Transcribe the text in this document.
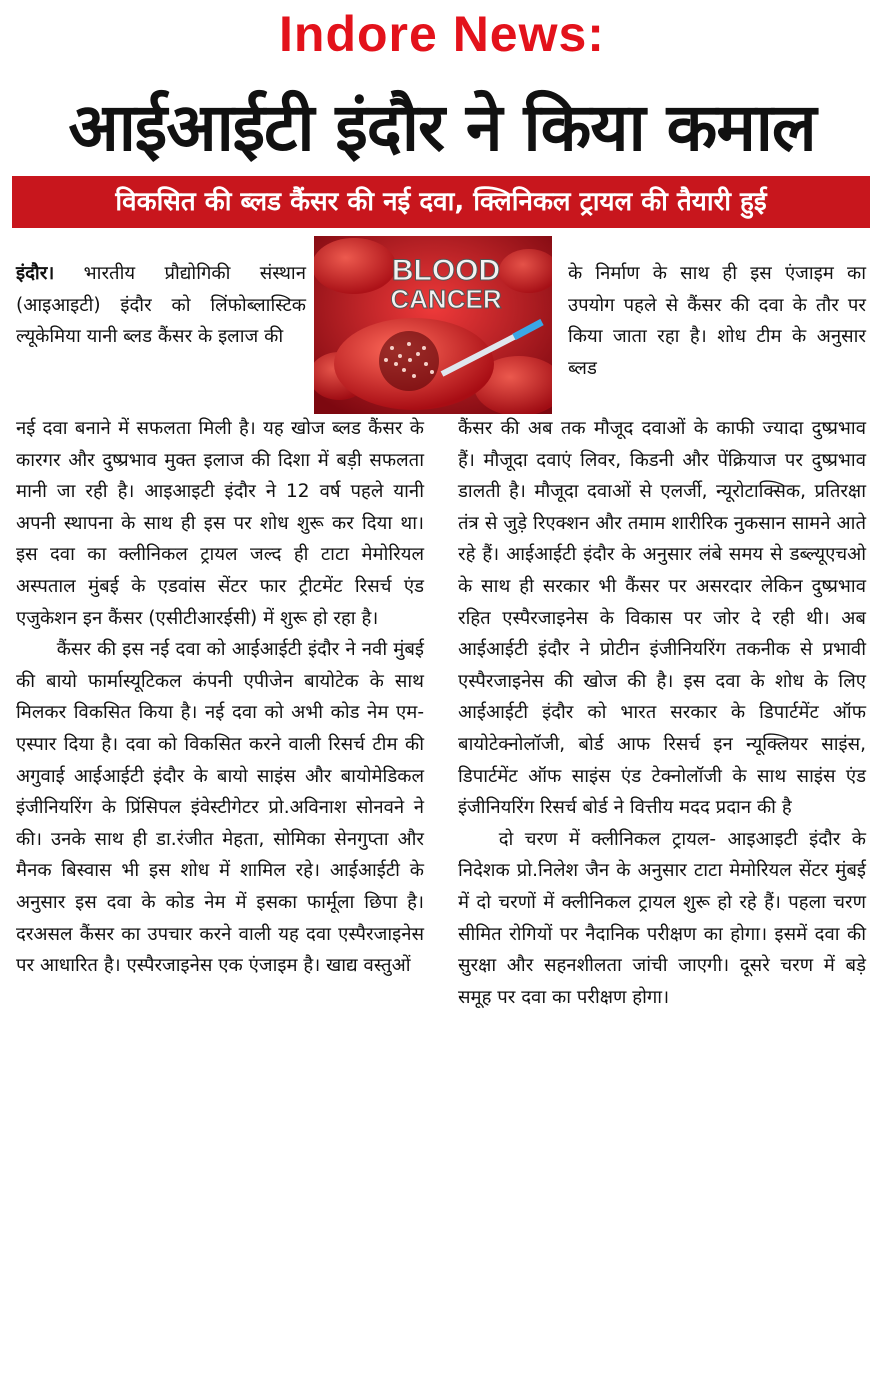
Indore News:
आईआईटी इंदौर ने किया कमाल
विकसित की ब्लड कैंसर की नई दवा, क्लिनिकल ट्रायल की तैयारी हुई
BLOOD
CANCER

इंदौर। भारतीय प्रौद्योगिकी संस्थान (आइआइटी) इंदौर को लिंफोब्लास्टिक ल्यूकेमिया यानी ब्लड कैंसर के इलाज की

नई दवा बनाने में सफलता मिली है। यह खोज ब्लड कैंसर के कारगर और दुष्प्रभाव मुक्त इलाज की दिशा में बड़ी सफलता मानी जा रही है। आइआइटी इंदौर ने 12 वर्ष पहले यानी अपनी स्थापना के साथ ही इस पर शोध शुरू कर दिया था। इस दवा का क्लीनिकल ट्रायल जल्द ही टाटा मेमोरियल अस्पताल मुंबई के एडवांस सेंटर फार ट्रीटमेंट रिसर्च एंड एजुकेशन इन कैंसर (एसीटीआरईसी) में शुरू हो रहा है।

कैंसर की इस नई दवा को आईआईटी इंदौर ने नवी मुंबई की बायो फार्मास्यूटिकल कंपनी एपीजेन बायोटेक के साथ मिलकर विकसित किया है। नई दवा को अभी कोड नेम एम-एस्पार दिया है। दवा को विकसित करने वाली रिसर्च टीम की अगुवाई आईआईटी इंदौर के बायो साइंस और बायोमेडिकल इंजीनियरिंग के प्रिंसिपल इंवेस्टीगेटर प्रो.अविनाश सोनवने ने की। उनके साथ ही डा.रंजीत मेहता, सोमिका सेनगुप्ता और मैनक बिस्वास भी इस शोध में शामिल रहे। आईआईटी के अनुसार इस दवा के कोड नेम में इसका फार्मूला छिपा है। दरअसल कैंसर का उपचार करने वाली यह दवा एस्पैरजाइनेस पर आधारित है। एस्पैरजाइनेस एक एंजाइम है। खाद्य वस्तुओं

के निर्माण के साथ ही इस एंजाइम का उपयोग पहले से कैंसर की दवा के तौर पर किया जाता रहा है। शोध टीम के अनुसार ब्लड

कैंसर की अब तक मौजूद दवाओं के काफी ज्यादा दुष्प्रभाव हैं। मौजूदा दवाएं लिवर, किडनी और पेंक्रियाज पर दुष्प्रभाव डालती है। मौजूदा दवाओं से एलर्जी, न्यूरोटाक्सिक, प्रतिरक्षा तंत्र से जुड़े रिएक्शन और तमाम शारीरिक नुकसान सामने आते रहे हैं। आईआईटी इंदौर के अनुसार लंबे समय से डब्ल्यूएचओ के साथ ही सरकार भी कैंसर पर असरदार लेकिन दुष्प्रभाव रहित एस्पैरजाइनेस के विकास पर जोर दे रही थी। अब आईआईटी इंदौर ने प्रोटीन इंजीनियरिंग तकनीक से प्रभावी एस्पैरजाइनेस की खोज की है। इस दवा के शोध के लिए आईआईटी इंदौर को भारत सरकार के डिपार्टमेंट ऑफ बायोटेक्नोलॉजी, बोर्ड आफ रिसर्च इन न्यूक्लियर साइंस, डिपार्टमेंट ऑफ साइंस एंड टेक्नोलॉजी के साथ साइंस एंड इंजीनियरिंग रिसर्च बोर्ड ने वित्तीय मदद प्रदान की है

दो चरण में क्लीनिकल ट्रायल- आइआइटी इंदौर के निदेशक प्रो.निलेश जैन के अनुसार टाटा मेमोरियल सेंटर मुंबई में दो चरणों में क्लीनिकल ट्रायल शुरू हो रहे हैं। पहला चरण सीमित रोगियों पर नैदानिक परीक्षण का होगा। इसमें दवा की सुरक्षा और सहनशीलता जांची जाएगी। दूसरे चरण में बड़े समूह पर दवा का परीक्षण होगा।
